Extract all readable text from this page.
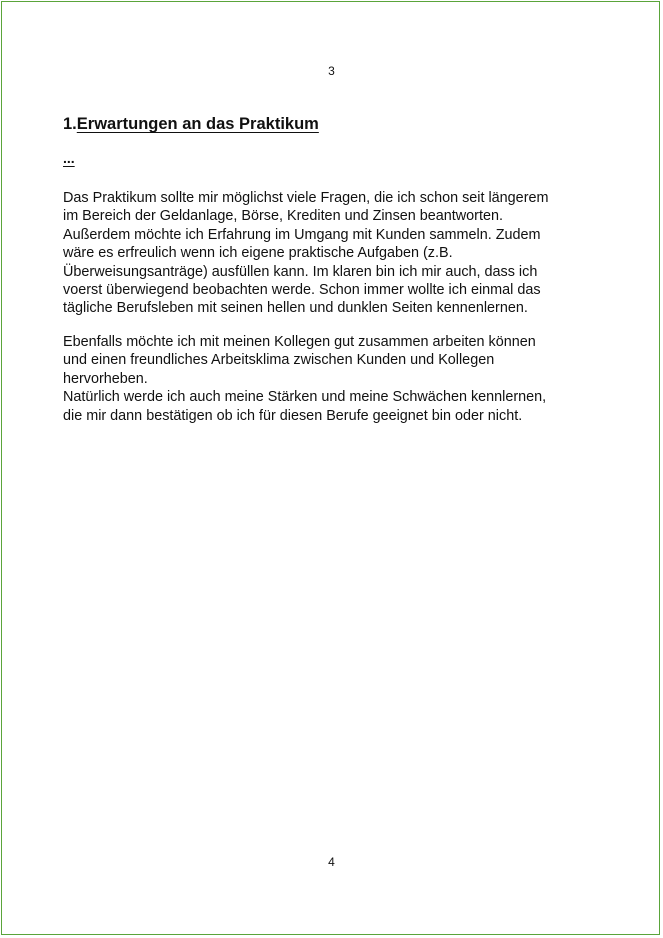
3
1.Erwartungen an das Praktikum
...

Das Praktikum sollte mir möglichst viele Fragen, die ich schon seit längerem
im Bereich der Geldanlage, Börse, Krediten und Zinsen beantworten.
Außerdem möchte ich Erfahrung im Umgang mit Kunden sammeln. Zudem
wäre es erfreulich wenn ich eigene praktische Aufgaben (z.B.
Überweisungsanträge) ausfüllen kann. Im klaren bin ich mir auch, dass ich
voerst überwiegend beobachten werde. Schon immer wollte ich einmal das
tägliche Berufsleben mit seinen hellen und dunklen Seiten kennenlernen.

Ebenfalls möchte ich mit meinen Kollegen gut zusammen arbeiten können
und einen freundliches Arbeitsklima zwischen Kunden und Kollegen
hervorheben.
Natürlich werde ich auch meine Stärken und meine Schwächen kennlernen,
die mir dann bestätigen ob ich für diesen Berufe geeignet bin oder nicht.

4
